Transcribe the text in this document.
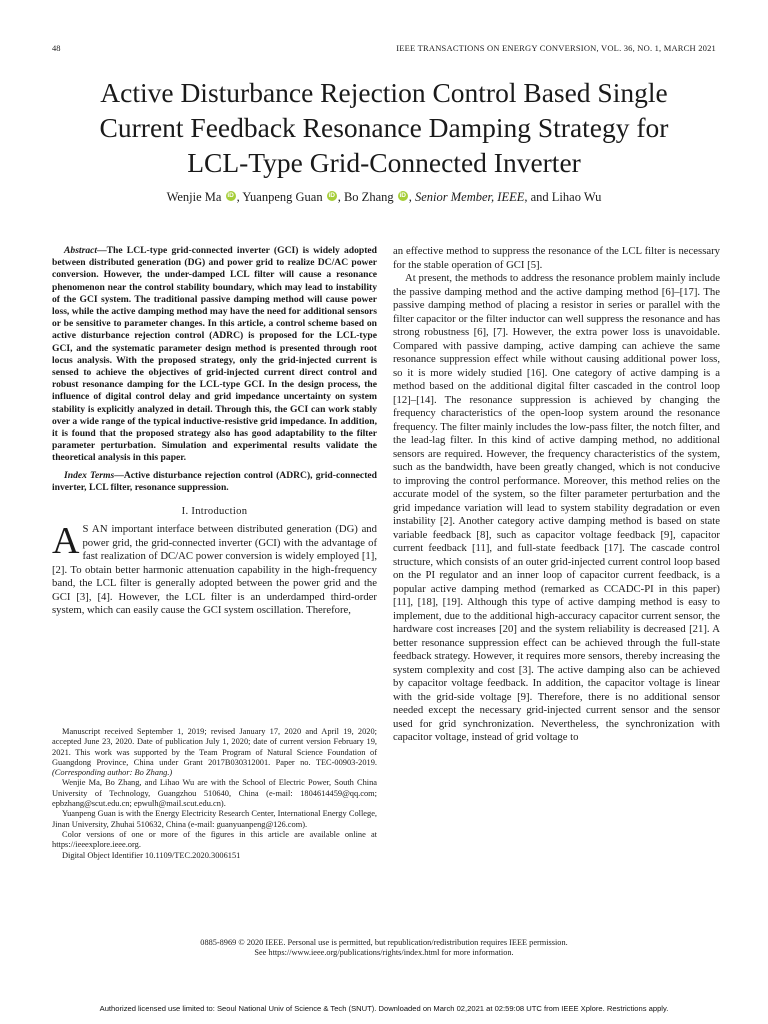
48	IEEE TRANSACTIONS ON ENERGY CONVERSION, VOL. 36, NO. 1, MARCH 2021
Active Disturbance Rejection Control Based Single
Current Feedback Resonance Damping Strategy for
LCL-Type Grid-Connected Inverter
Wenjie Ma iD , Yuanpeng Guan iD , Bo Zhang iD , Senior Member, IEEE, and Lihao Wu

Abstract—The LCL-type grid-connected inverter (GCI) is widely adopted between distributed generation (DG) and power grid to realize DC/AC power conversion. However, the under-damped LCL filter will cause a resonance phenomenon near the control stability boundary, which may lead to instability of the GCI system. The traditional passive damping method will cause power loss, while the active damping method may have the need for additional sensors or be sensitive to parameter changes. In this article, a control scheme based on active disturbance rejection control (ADRC) is proposed for the LCL-type GCI, and the systematic parameter design method is presented through root locus analysis. With the proposed strategy, only the grid-injected current is sensed to achieve the objectives of grid-injected current direct control and robust resonance damping for the LCL-type GCI. In the design process, the influence of digital control delay and grid impedance uncertainty on system stability is explicitly analyzed in detail. Through this, the GCI can work stably over a wide range of the typical inductive-resistive grid impedance. In addition, it is found that the proposed strategy also has good adaptability to the filter parameter perturbation. Simulation and experimental results validate the theoretical analysis in this paper.

Index Terms—Active disturbance rejection control (ADRC), grid-connected inverter, LCL filter, resonance suppression.

I. Introduction

A S AN important interface between distributed generation (DG) and power grid, the grid-connected inverter (GCI) with the advantage of fast realization of DC/AC power conversion is widely employed [1], [2]. To obtain better harmonic attenuation capability in the high-frequency band, the LCL filter is generally adopted between the power grid and the GCI [3], [4]. However, the LCL filter is an underdamped third-order system, which can easily cause the GCI system oscillation. Therefore,

Manuscript received September 1, 2019; revised January 17, 2020 and April 19, 2020; accepted June 23, 2020. Date of publication July 1, 2020; date of current version February 19, 2021. This work was supported by the Team Program of Natural Science Foundation of Guangdong Province, China under Grant 2017B030312001. Paper no. TEC-00903-2019. (Corresponding author: Bo Zhang.)

Wenjie Ma, Bo Zhang, and Lihao Wu are with the School of Electric Power, South China University of Technology, Guangzhou 510640, China (e-mail: 1804614459@qq.com; epbzhang@scut.edu.cn; epwulh@mail.scut.edu.cn).

Yuanpeng Guan is with the Energy Electricity Research Center, International Energy College, Jinan University, Zhuhai 510632, China (e-mail: guanyuanpeng@126.com).

Color versions of one or more of the figures in this article are available online at https://ieeexplore.ieee.org.

Digital Object Identifier 10.1109/TEC.2020.3006151

an effective method to suppress the resonance of the LCL filter is necessary for the stable operation of GCI [5].

At present, the methods to address the resonance problem mainly include the passive damping method and the active damping method [6]–[17]. The passive damping method of placing a resistor in series or parallel with the filter capacitor or the filter inductor can well suppress the resonance and has strong robustness [6], [7]. However, the extra power loss is unavoidable. Compared with passive damping, active damping can achieve the same resonance suppression effect while without causing additional power loss, so it is more widely studied [16]. One category of active damping is a method based on the additional digital filter cascaded in the control loop [12]–[14]. The resonance suppression is achieved by changing the frequency characteristics of the open-loop system around the resonance frequency. The filter mainly includes the low-pass filter, the notch filter, and the lead-lag filter. In this kind of active damping method, no additional sensors are required. However, the frequency characteristics of the system, such as the bandwidth, have been greatly changed, which is not conducive to improving the control performance. Moreover, this method relies on the accurate model of the system, so the filter parameter perturbation and the grid impedance variation will lead to system stability degradation or even instability [2]. Another category active damping method is based on state variable feedback [8], such as capacitor voltage feedback [9], capacitor current feedback [11], and full-state feedback [17]. The cascade control structure, which consists of an outer grid-injected current control loop based on the PI regulator and an inner loop of capacitor current feedback, is a popular active damping method (remarked as CCADC-PI in this paper) [11], [18], [19]. Although this type of active damping method is easy to implement, due to the additional high-accuracy capacitor current sensor, the hardware cost increases [20] and the system reliability is decreased [21]. A better resonance suppression effect can be achieved through the full-state feedback strategy. However, it requires more sensors, thereby increasing the system complexity and cost [3]. The active damping also can be achieved by capacitor voltage feedback. In addition, the capacitor voltage is linear with the grid-side voltage [9]. Therefore, there is no additional sensor needed except the necessary grid-injected current sensor and the sensor used for grid synchronization. Nevertheless, the synchronization with capacitor voltage, instead of grid voltage to

0885-8969 © 2020 IEEE. Personal use is permitted, but republication/redistribution requires IEEE permission.
See https://www.ieee.org/publications/rights/index.html for more information.
Authorized licensed use limited to: Seoul National Univ of Science & Tech (SNUT). Downloaded on March 02,2021 at 02:59:08 UTC from IEEE Xplore. Restrictions apply.
